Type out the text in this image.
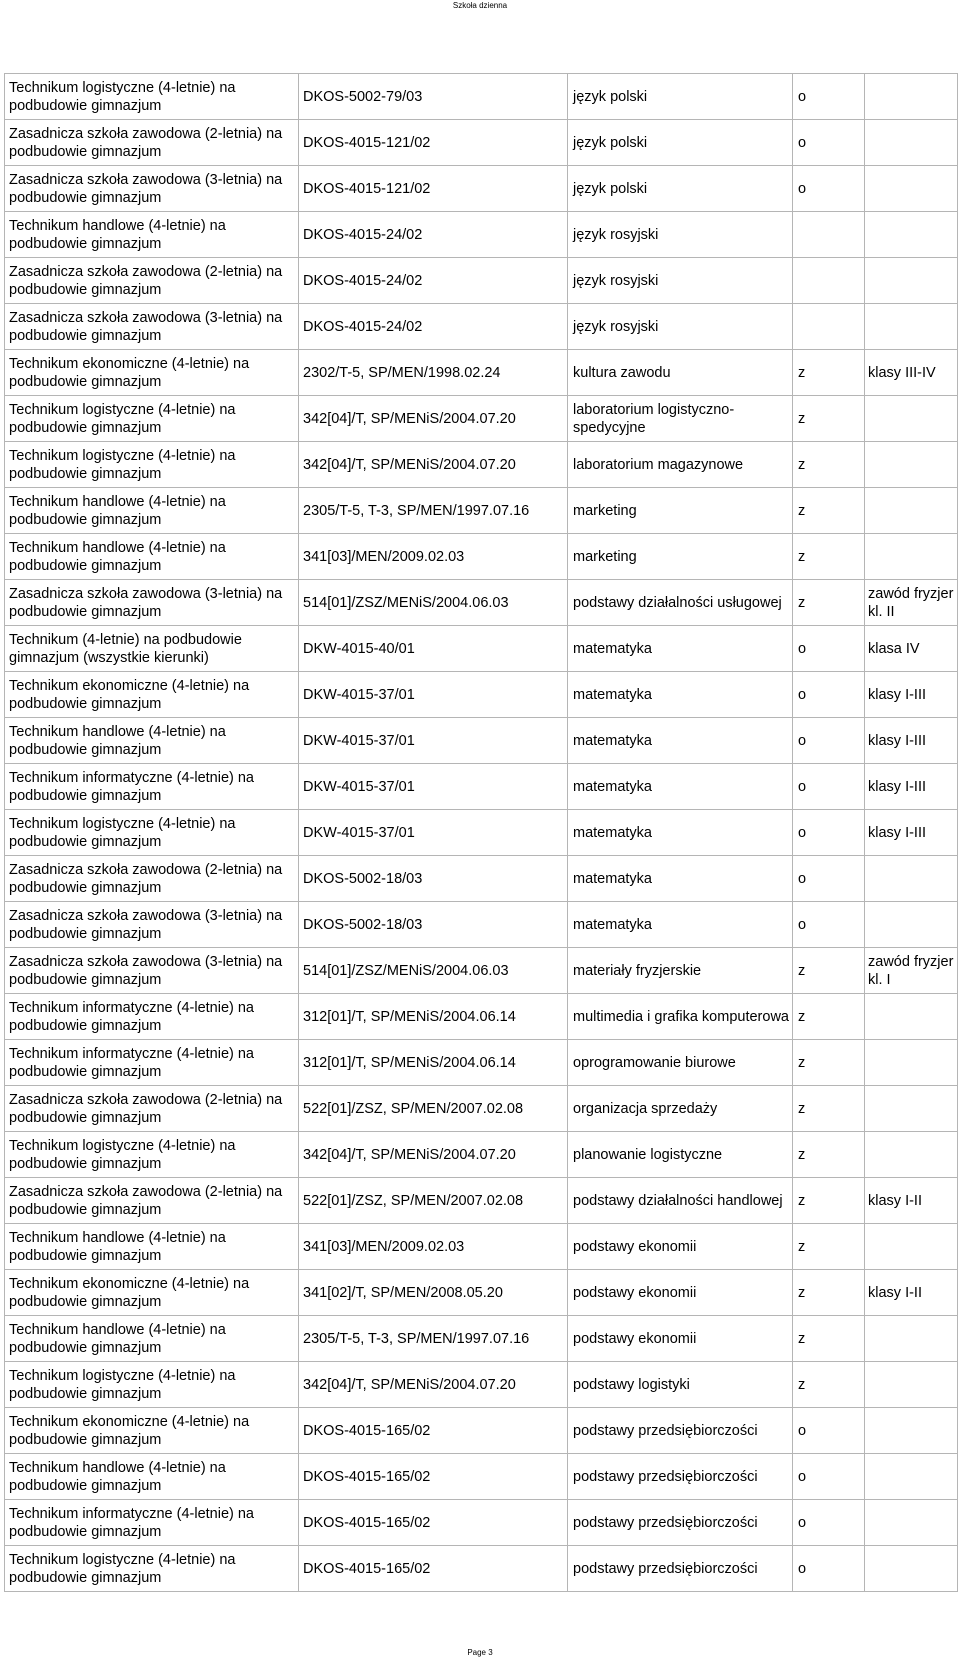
Szkoła dzienna
Technikum logistyczne (4-letnie) na podbudowie gimnazjum	DKOS-5002-79/03	język polski	o	
Zasadnicza szkoła zawodowa (2-letnia) na podbudowie gimnazjum	DKOS-4015-121/02	język polski	o	
Zasadnicza szkoła zawodowa (3-letnia) na podbudowie gimnazjum	DKOS-4015-121/02	język polski	o	
Technikum handlowe (4-letnie) na podbudowie gimnazjum	DKOS-4015-24/02	język rosyjski		
Zasadnicza szkoła zawodowa (2-letnia) na podbudowie gimnazjum	DKOS-4015-24/02	język rosyjski		
Zasadnicza szkoła zawodowa (3-letnia) na podbudowie gimnazjum	DKOS-4015-24/02	język rosyjski		
Technikum ekonomiczne (4-letnie) na podbudowie gimnazjum	2302/T-5, SP/MEN/1998.02.24	kultura zawodu	z	klasy III-IV
Technikum logistyczne (4-letnie) na podbudowie gimnazjum	342[04]/T, SP/MENiS/2004.07.20	laboratorium logistyczno-spedycyjne	z	
Technikum logistyczne (4-letnie) na podbudowie gimnazjum	342[04]/T, SP/MENiS/2004.07.20	laboratorium magazynowe	z	
Technikum handlowe (4-letnie) na podbudowie gimnazjum	2305/T-5, T-3, SP/MEN/1997.07.16	marketing	z	
Technikum handlowe (4-letnie) na podbudowie gimnazjum	341[03]/MEN/2009.02.03	marketing	z	
Zasadnicza szkoła zawodowa (3-letnia) na podbudowie gimnazjum	514[01]/ZSZ/MENiS/2004.06.03	podstawy działalności usługowej	z	zawód fryzjer kl. II
Technikum (4-letnie) na podbudowie gimnazjum (wszystkie kierunki)	DKW-4015-40/01	matematyka	o	klasa IV
Technikum ekonomiczne (4-letnie) na podbudowie gimnazjum	DKW-4015-37/01	matematyka	o	klasy I-III
Technikum handlowe (4-letnie) na podbudowie gimnazjum	DKW-4015-37/01	matematyka	o	klasy I-III
Technikum informatyczne (4-letnie) na podbudowie gimnazjum	DKW-4015-37/01	matematyka	o	klasy I-III
Technikum logistyczne (4-letnie) na podbudowie gimnazjum	DKW-4015-37/01	matematyka	o	klasy I-III
Zasadnicza szkoła zawodowa (2-letnia) na podbudowie gimnazjum	DKOS-5002-18/03	matematyka	o	
Zasadnicza szkoła zawodowa (3-letnia) na podbudowie gimnazjum	DKOS-5002-18/03	matematyka	o	
Zasadnicza szkoła zawodowa (3-letnia) na podbudowie gimnazjum	514[01]/ZSZ/MENiS/2004.06.03	materiały fryzjerskie	z	zawód fryzjer kl. I
Technikum informatyczne (4-letnie) na podbudowie gimnazjum	312[01]/T, SP/MENiS/2004.06.14	multimedia i grafika komputerowa	z	
Technikum informatyczne (4-letnie) na podbudowie gimnazjum	312[01]/T, SP/MENiS/2004.06.14	oprogramowanie biurowe	z	
Zasadnicza szkoła zawodowa (2-letnia) na podbudowie gimnazjum	522[01]/ZSZ, SP/MEN/2007.02.08	organizacja sprzedaży	z	
Technikum logistyczne (4-letnie) na podbudowie gimnazjum	342[04]/T, SP/MENiS/2004.07.20	planowanie logistyczne	z	
Zasadnicza szkoła zawodowa (2-letnia) na podbudowie gimnazjum	522[01]/ZSZ, SP/MEN/2007.02.08	podstawy działalności handlowej	z	klasy I-II
Technikum handlowe (4-letnie) na podbudowie gimnazjum	341[03]/MEN/2009.02.03	podstawy ekonomii	z	
Technikum ekonomiczne (4-letnie) na podbudowie gimnazjum	341[02]/T, SP/MEN/2008.05.20	podstawy ekonomii	z	klasy I-II
Technikum handlowe (4-letnie) na podbudowie gimnazjum	2305/T-5, T-3, SP/MEN/1997.07.16	podstawy ekonomii	z	
Technikum logistyczne (4-letnie) na podbudowie gimnazjum	342[04]/T, SP/MENiS/2004.07.20	podstawy logistyki	z	
Technikum ekonomiczne (4-letnie) na podbudowie gimnazjum	DKOS-4015-165/02	podstawy przedsiębiorczości	o	
Technikum handlowe (4-letnie) na podbudowie gimnazjum	DKOS-4015-165/02	podstawy przedsiębiorczości	o	
Technikum informatyczne (4-letnie) na podbudowie gimnazjum	DKOS-4015-165/02	podstawy przedsiębiorczości	o	
Technikum logistyczne (4-letnie) na podbudowie gimnazjum	DKOS-4015-165/02	podstawy przedsiębiorczości	o	
Page 3
